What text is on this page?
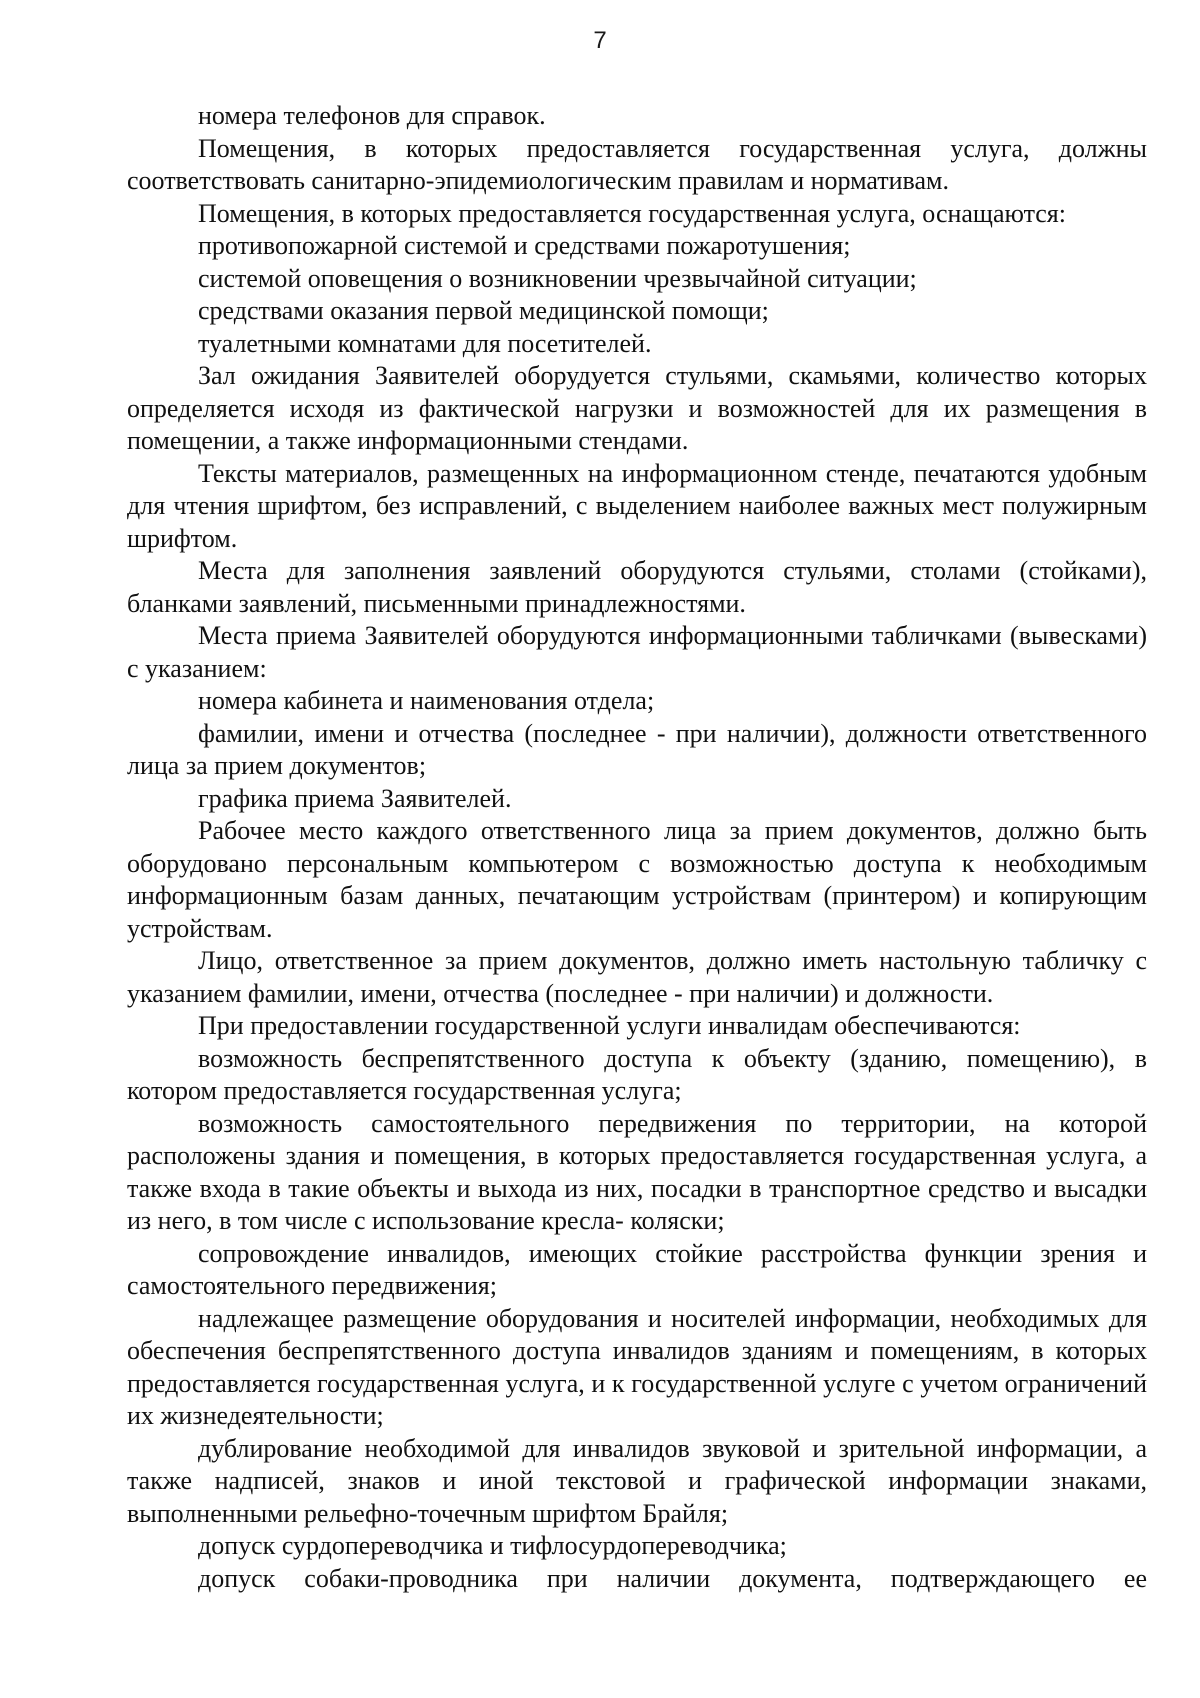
7

номера телефонов для справок.

Помещения, в которых предоставляется государственная услуга, должны соответствовать санитарно-эпидемиологическим правилам и нормативам.

Помещения, в которых предоставляется государственная услуга, оснащаются:

противопожарной системой и средствами пожаротушения;

системой оповещения о возникновении чрезвычайной ситуации;

средствами оказания первой медицинской помощи;

туалетными комнатами для посетителей.

Зал ожидания Заявителей оборудуется стульями, скамьями, количество которых определяется исходя из фактической нагрузки и возможностей для их размещения в помещении, а также информационными стендами.

Тексты материалов, размещенных на информационном стенде, печатаются удобным для чтения шрифтом, без исправлений, с выделением наиболее важных мест полужирным шрифтом.

Места для заполнения заявлений оборудуются стульями, столами (стойками), бланками заявлений, письменными принадлежностями.

Места приема Заявителей оборудуются информационными табличками (вывесками) с указанием:

номера кабинета и наименования отдела;

фамилии, имени и отчества (последнее - при наличии), должности ответственного лица за прием документов;

графика приема Заявителей.

Рабочее место каждого ответственного лица за прием документов, должно быть оборудовано персональным компьютером с возможностью доступа к необходимым информационным базам данных, печатающим устройствам (принтером) и копирующим устройствам.

Лицо, ответственное за прием документов, должно иметь настольную табличку с указанием фамилии, имени, отчества (последнее - при наличии) и должности.

При предоставлении государственной услуги инвалидам обеспечиваются:

возможность беспрепятственного доступа к объекту (зданию, помещению), в котором предоставляется государственная услуга;

возможность самостоятельного передвижения по территории, на которой расположены здания и помещения, в которых предоставляется государственная услуга, а также входа в такие объекты и выхода из них, посадки в транспортное средство и высадки из него, в том числе с использование кресла- коляски;

сопровождение инвалидов, имеющих стойкие расстройства функции зрения и самостоятельного передвижения;

надлежащее размещение оборудования и носителей информации, необходимых для обеспечения беспрепятственного доступа инвалидов зданиям и помещениям, в которых предоставляется государственная услуга, и к государственной услуге с учетом ограничений их жизнедеятельности;

дублирование необходимой для инвалидов звуковой и зрительной информации, а также надписей, знаков и иной текстовой и графической информации знаками, выполненными рельефно-точечным шрифтом Брайля;

допуск сурдопереводчика и тифлосурдопереводчика;

допуск собаки-проводника при наличии документа, подтверждающего ее
